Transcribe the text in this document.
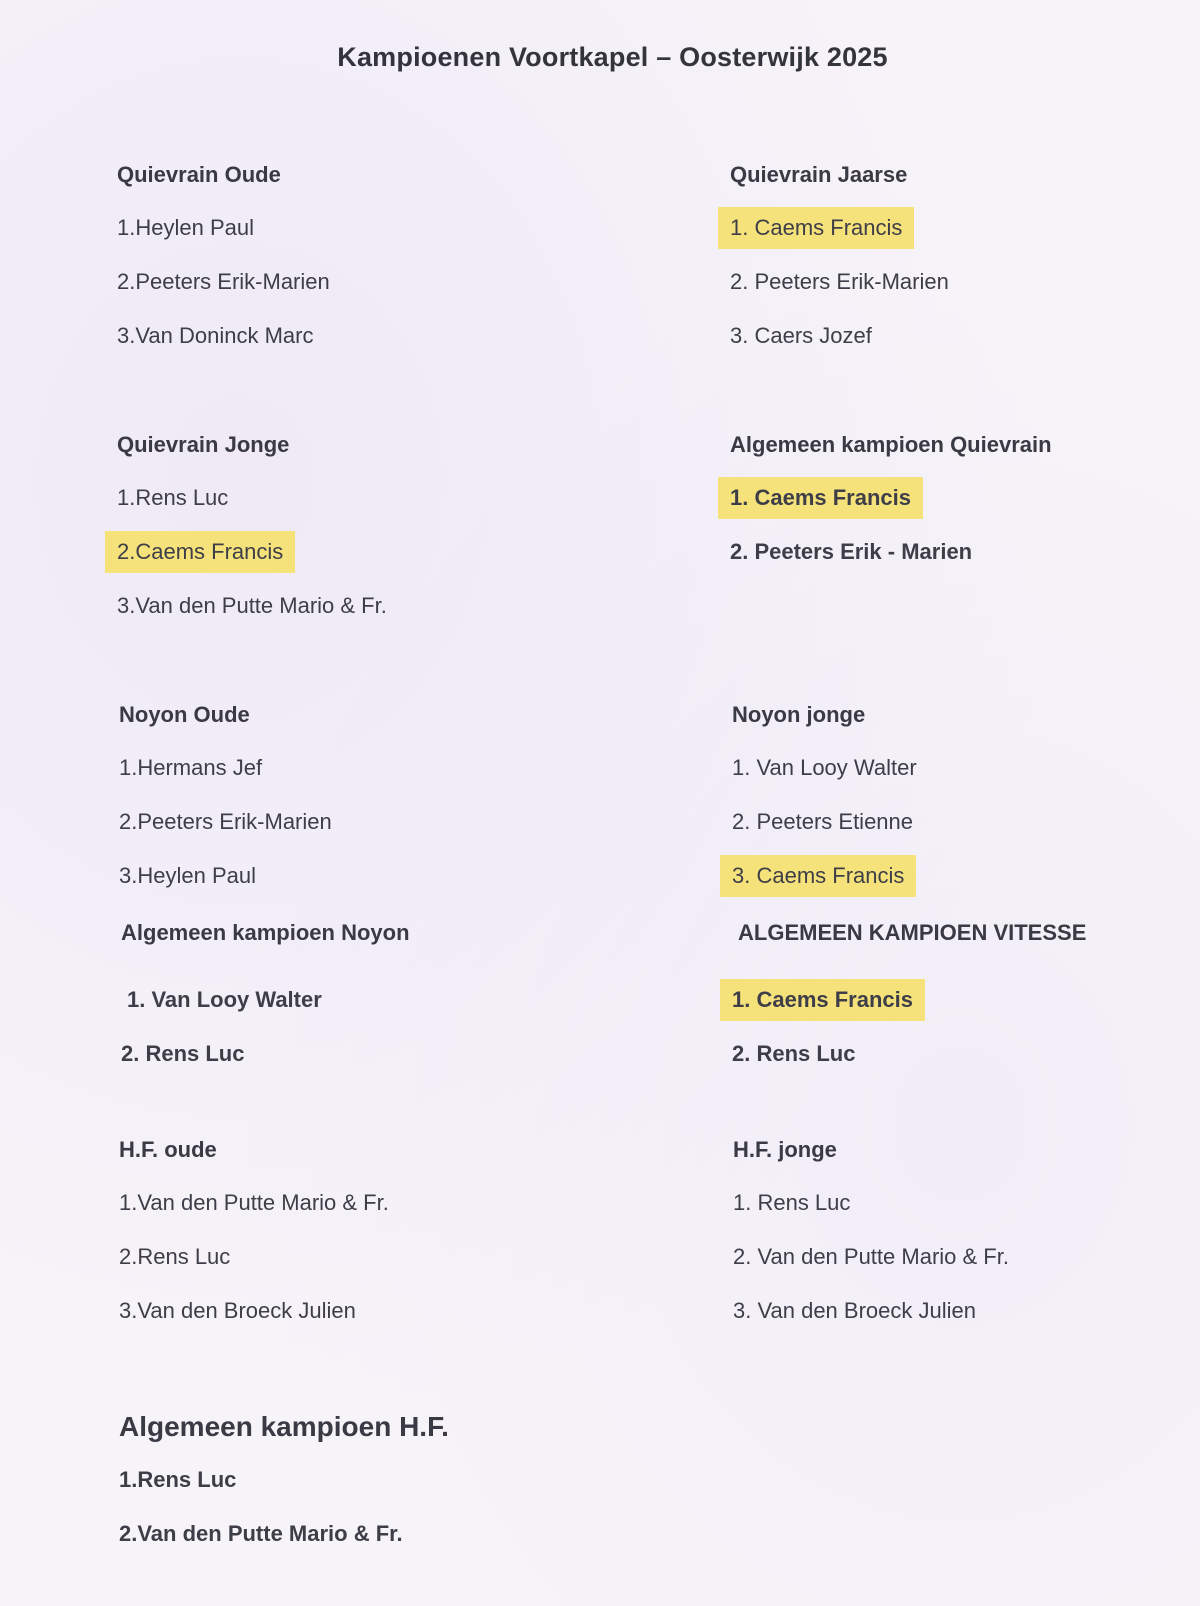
Kampioenen Voortkapel – Oosterwijk 2025
Quievrain Oude
1.Heylen Paul
2.Peeters Erik-Marien
3.Van Doninck Marc
Quievrain Jaarse
1. Caems Francis
2. Peeters Erik-Marien
3. Caers Jozef
Quievrain Jonge
1.Rens Luc
2.Caems Francis
3.Van den Putte Mario & Fr.
Algemeen kampioen Quievrain
1. Caems Francis
2. Peeters Erik - Marien
Noyon Oude
1.Hermans Jef
2.Peeters Erik-Marien
3.Heylen Paul
Noyon jonge
1. Van Looy Walter
2. Peeters Etienne
3. Caems Francis
Algemeen kampioen Noyon
1. Van Looy Walter
2. Rens Luc
ALGEMEEN KAMPIOEN VITESSE
1. Caems Francis
2. Rens Luc
H.F. oude
1.Van den Putte Mario & Fr.
2.Rens Luc
3.Van den Broeck Julien
H.F. jonge
1. Rens Luc
2. Van den Putte Mario & Fr.
3. Van den Broeck Julien
Algemeen kampioen H.F.
1.Rens Luc
2.Van den Putte Mario & Fr.
